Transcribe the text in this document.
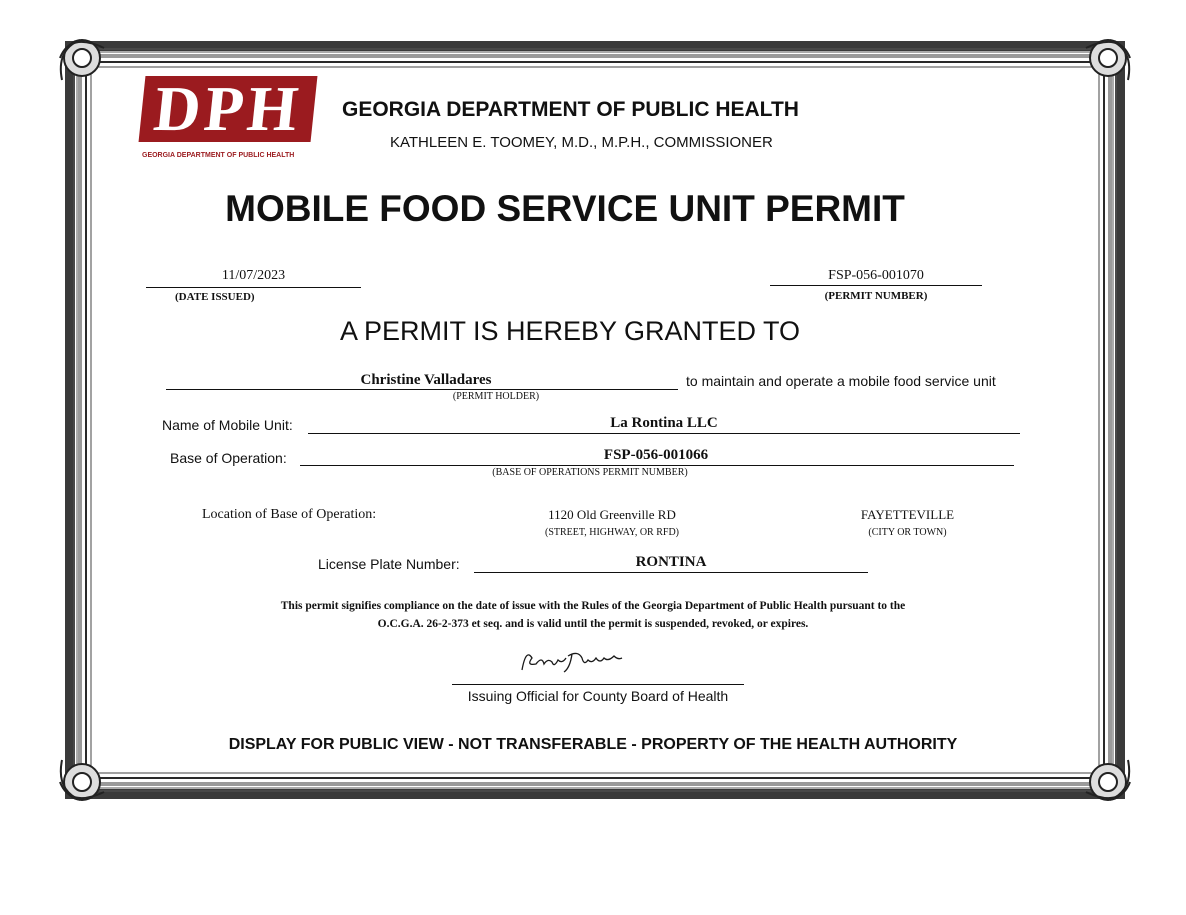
DPH
GEORGIA DEPARTMENT OF PUBLIC HEALTH
GEORGIA DEPARTMENT OF PUBLIC HEALTH
KATHLEEN E. TOOMEY, M.D., M.P.H., COMMISSIONER
MOBILE FOOD SERVICE UNIT PERMIT
11/07/2023
(DATE ISSUED)
FSP-056-001070
(PERMIT NUMBER)
A PERMIT IS HEREBY GRANTED TO
Christine Valladares
(PERMIT HOLDER)
to maintain and operate a mobile food service unit
Name of Mobile Unit:	La Rontina LLC
Base of Operation:	FSP-056-001066
(BASE OF OPERATIONS PERMIT NUMBER)
Location of Base of Operation:	1120 Old Greenville RD
(STREET, HIGHWAY, OR RFD)
FAYETTEVILLE
(CITY OR TOWN)
License Plate Number:	RONTINA
This permit signifies compliance on the date of issue with the Rules of the Georgia Department of Public Health pursuant to the
O.C.G.A. 26-2-373 et seq. and is valid until the permit is suspended, revoked, or expires.
Issuing Official for County Board of Health
DISPLAY FOR PUBLIC VIEW - NOT TRANSFERABLE - PROPERTY OF THE HEALTH AUTHORITY
